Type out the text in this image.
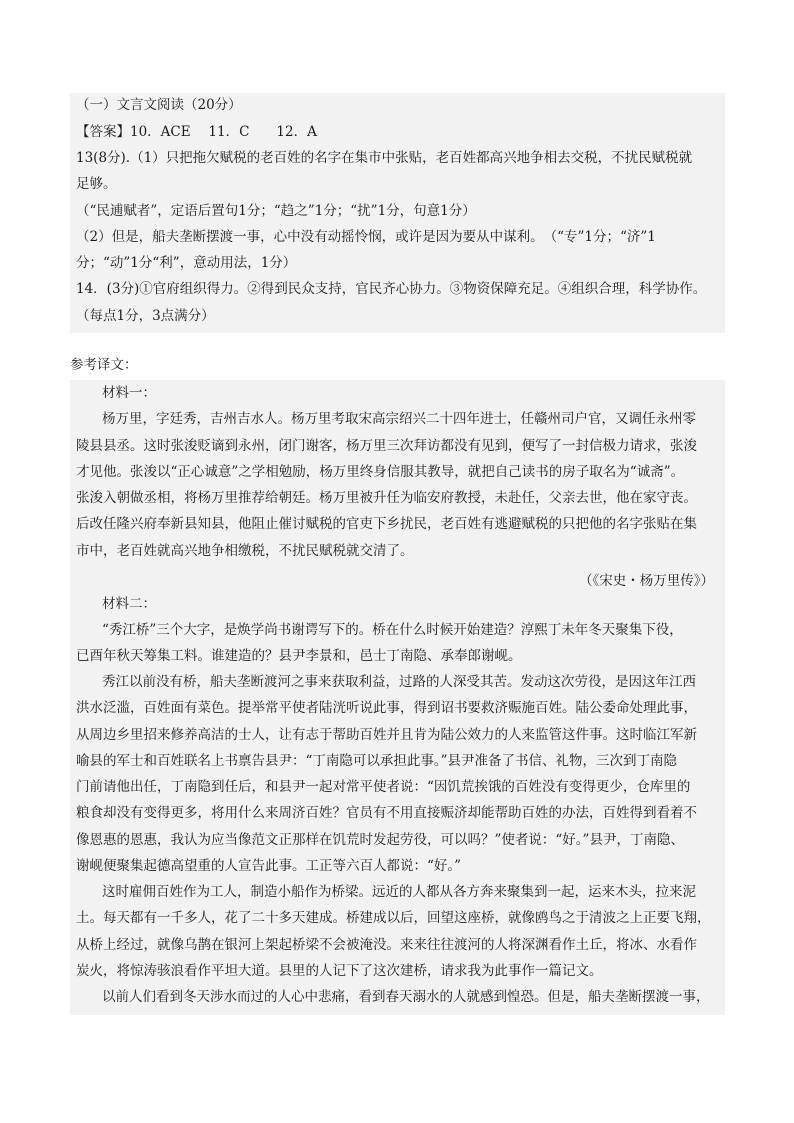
（一）文言文阅读（20分）
【答案】10．ACE　 11．C　　12．A
13(8分).（1）只把拖欠赋税的老百姓的名字在集市中张贴，老百姓都高兴地争相去交税，不扰民赋税就
足够。
（“民逋赋者”，定语后置句1分；“趋之”1分；“扰”1分，句意1分）
（2）但是，船夫垄断摆渡一事，心中没有动摇怜悯，或许是因为要从中谋利。　（“专”1分；“济”1
分；“动”1分“利”，意动用法，1分）
14．(3分)①官府组织得力。②得到民众支持，官民齐心协力。③物资保障充足。④组织合理，科学协作。
（每点1分，3点满分）
参考译文：
材料一：
杨万里，字廷秀，吉州吉水人。杨万里考取宋高宗绍兴二十四年进士，任赣州司户官，又调任永州零
陵县县丞。这时张浚贬谪到永州，闭门谢客，杨万里三次拜访都没有见到，便写了一封信极力请求，张浚
才见他。张浚以“正心诚意”之学相勉励，杨万里终身信服其教导，就把自己读书的房子取名为“诚斋”。
张浚入朝做丞相，将杨万里推荐给朝廷。杨万里被升任为临安府教授，未赴任，父亲去世，他在家守丧。
后改任隆兴府奉新县知县，他阻止催讨赋税的官吏下乡扰民，老百姓有逃避赋税的只把他的名字张贴在集
市中，老百姓就高兴地争相缴税，不扰民赋税就交清了。
（《宋史・杨万里传》）
材料二：
“秀江桥”三个大字，是焕学尚书谢谔写下的。桥在什么时候开始建造？淳熙丁未年冬天聚集下役，
已酉年秋天筹集工料。谁建造的？县尹李景和，邑士丁南隐、承奉郎谢岘。
秀江以前没有桥，船夫垄断渡河之事来获取利益，过路的人深受其苦。发动这次劳役，是因这年江西
洪水泛滥，百姓面有菜色。提举常平使者陆洸听说此事，得到诏书要救济赈施百姓。陆公委命处理此事，
从周边乡里招来修养高洁的士人，让有志于帮助百姓并且肯为陆公效力的人来监管这件事。这时临江军新
喻县的军士和百姓联名上书禀告县尹：“丁南隐可以承担此事。”县尹准备了书信、礼物，三次到丁南隐
门前请他出任，丁南隐到任后，和县尹一起对常平使者说：“因饥荒挨饿的百姓没有变得更少，仓库里的
粮食却没有变得更多，将用什么来周济百姓？官员有不用直接赈济却能帮助百姓的办法，百姓得到看着不
像恩惠的恩惠，我认为应当像范文正那样在饥荒时发起劳役，可以吗？”使者说：“好。”县尹，丁南隐、
谢岘便聚集起德高望重的人宣告此事。工正等六百人都说：“好。”
这时雇佣百姓作为工人，制造小船作为桥梁。远近的人都从各方奔来聚集到一起，运来木头，拉来泥
土。每天都有一千多人，花了二十多天建成。桥建成以后，回望这座桥，就像鸥鸟之于清波之上正要飞翔，
从桥上经过，就像乌鹊在银河上架起桥梁不会被淹没。来来往往渡河的人将深渊看作土丘，将冰、水看作
炭火，将惊涛骇浪看作平坦大道。县里的人记下了这次建桥，请求我为此事作一篇记文。
以前人们看到冬天涉水而过的人心中悲痛，看到春天溺水的人就感到惶恐。但是，船夫垄断摆渡一事，
